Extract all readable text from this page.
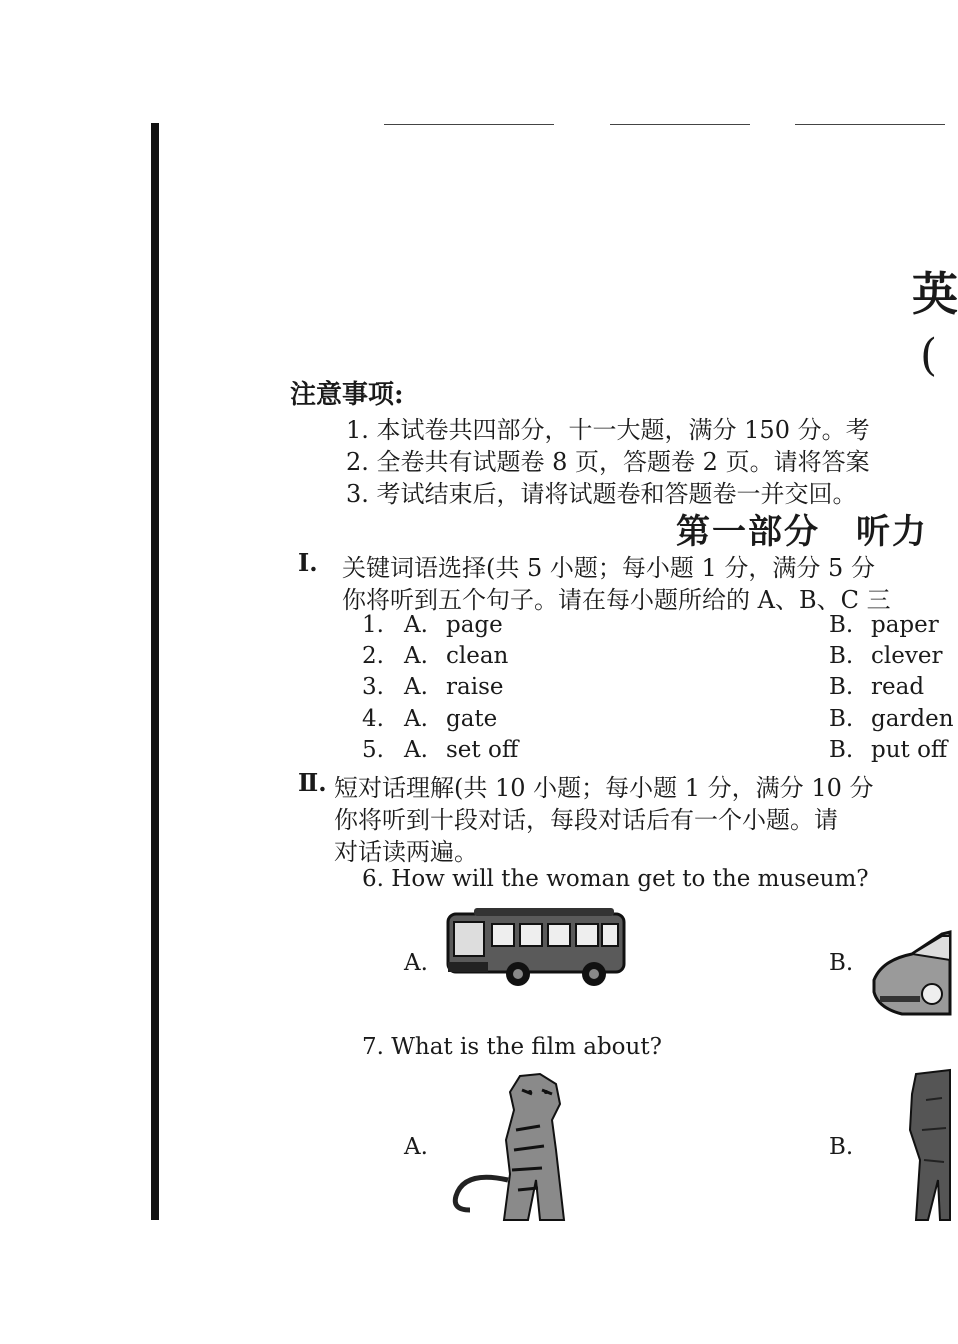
英
(
注意事项:
1. 本试卷共四部分，十一大题，满分 150 分。考
2. 全卷共有试题卷 8 页，答题卷 2 页。请将答案
3. 考试结束后，请将试题卷和答题卷一并交回。
第一部分　听力
Ⅰ. 关键词语选择(共 5 小题；每小题 1 分，满分 5 分
你将听到五个句子。请在每小题所给的 A、B、C 三
1. A. page	B. paper
2. A. clean	B. clever
3. A. raise	B. read
4. A. gate	B. garden
5. A. set off	B. put off
Ⅱ. 短对话理解(共 10 小题；每小题 1 分，满分 10 分
你将听到十段对话，每段对话后有一个小题。请
对话读两遍。
6. How will the woman get to the museum?
A.	B.
7. What is the film about?
A.	B.
